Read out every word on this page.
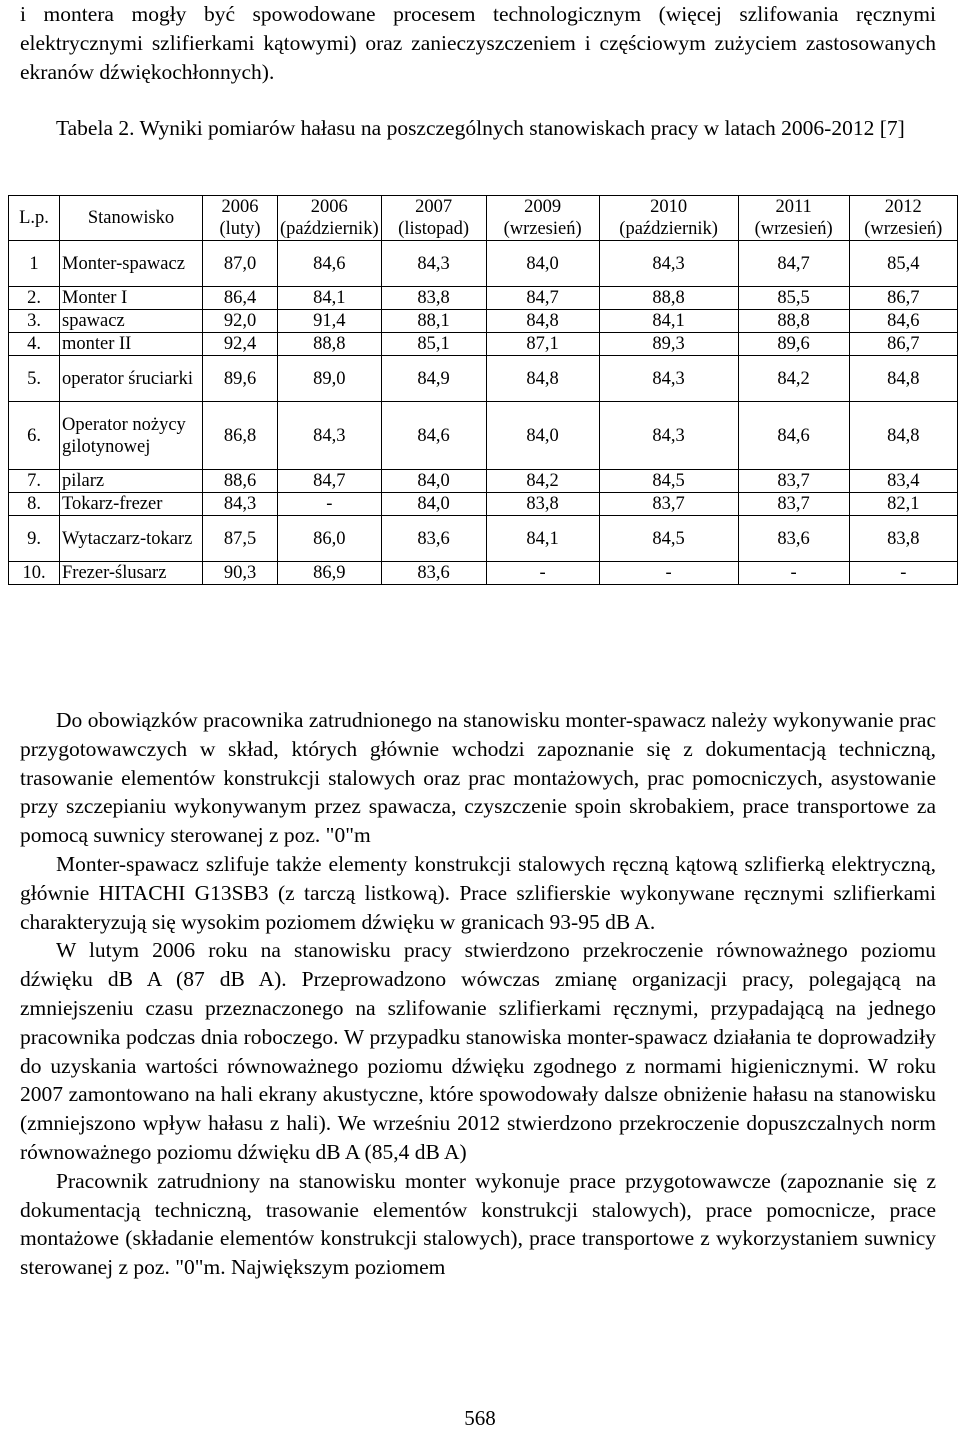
i montera mogły być spowodowane procesem technologicznym (więcej szlifowania ręcznymi elektrycznymi szlifierkami kątowymi) oraz zanieczyszczeniem i częściowym zużyciem zastosowanych ekranów dźwiękochłonnych).

Tabela 2. Wyniki pomiarów hałasu na poszczególnych stanowiskach pracy w latach 2006-2012 [7]

L.p.	Stanowisko	2006 (luty)	2006 (październik)	2007 (listopad)	2009 (wrzesień)	2010 (październik)	2011 (wrzesień)	2012 (wrzesień)
1	Monter-spawacz	87,0	84,6	84,3	84,0	84,3	84,7	85,4
2.	Monter I	86,4	84,1	83,8	84,7	88,8	85,5	86,7
3.	spawacz	92,0	91,4	88,1	84,8	84,1	88,8	84,6
4.	monter II	92,4	88,8	85,1	87,1	89,3	89,6	86,7
5.	operator śruciarki	89,6	89,0	84,9	84,8	84,3	84,2	84,8
6.	Operator nożycy gilotynowej	86,8	84,3	84,6	84,0	84,3	84,6	84,8
7.	pilarz	88,6	84,7	84,0	84,2	84,5	83,7	83,4
8.	Tokarz-frezer	84,3	-	84,0	83,8	83,7	83,7	82,1
9.	Wytaczarz-tokarz	87,5	86,0	83,6	84,1	84,5	83,6	83,8
10.	Frezer-ślusarz	90,3	86,9	83,6	-	-	-	-

Do obowiązków pracownika zatrudnionego na stanowisku monter-spawacz należy wykonywanie prac przygotowawczych w skład, których głównie wchodzi zapoznanie się z dokumentacją techniczną, trasowanie elementów konstrukcji stalowych oraz prac montażowych, prac pomocniczych, asystowanie przy szczepianiu wykonywanym przez spawacza, czyszczenie spoin skrobakiem, prace transportowe za pomocą suwnicy sterowanej z poz. "0"m

Monter-spawacz szlifuje także elementy konstrukcji stalowych ręczną kątową szlifierką elektryczną, głównie HITACHI G13SB3 (z tarczą listkową). Prace szlifierskie wykonywane ręcznymi szlifierkami charakteryzują się wysokim poziomem dźwięku w granicach 93-95 dB A.

W lutym 2006 roku na stanowisku pracy stwierdzono przekroczenie równoważnego poziomu dźwięku dB A (87 dB A). Przeprowadzono wówczas zmianę organizacji pracy, polegającą na zmniejszeniu czasu przeznaczonego na szlifowanie szlifierkami ręcznymi, przypadającą na jednego pracownika podczas dnia roboczego. W przypadku stanowiska monter-spawacz działania te doprowadziły do uzyskania wartości równoważnego poziomu dźwięku zgodnego z normami higienicznymi. W roku 2007 zamontowano na hali ekrany akustyczne, które spowodowały dalsze obniżenie hałasu na stanowisku (zmniejszono wpływ hałasu z hali). We wrześniu 2012 stwierdzono przekroczenie dopuszczalnych norm równoważnego poziomu dźwięku dB A (85,4 dB A)

Pracownik zatrudniony na stanowisku monter wykonuje prace przygotowawcze (zapoznanie się z dokumentacją techniczną, trasowanie elementów konstrukcji stalowych), prace pomocnicze, prace montażowe (składanie elementów konstrukcji stalowych), prace transportowe z wykorzystaniem suwnicy sterowanej z poz. "0"m. Największym poziomem

568
